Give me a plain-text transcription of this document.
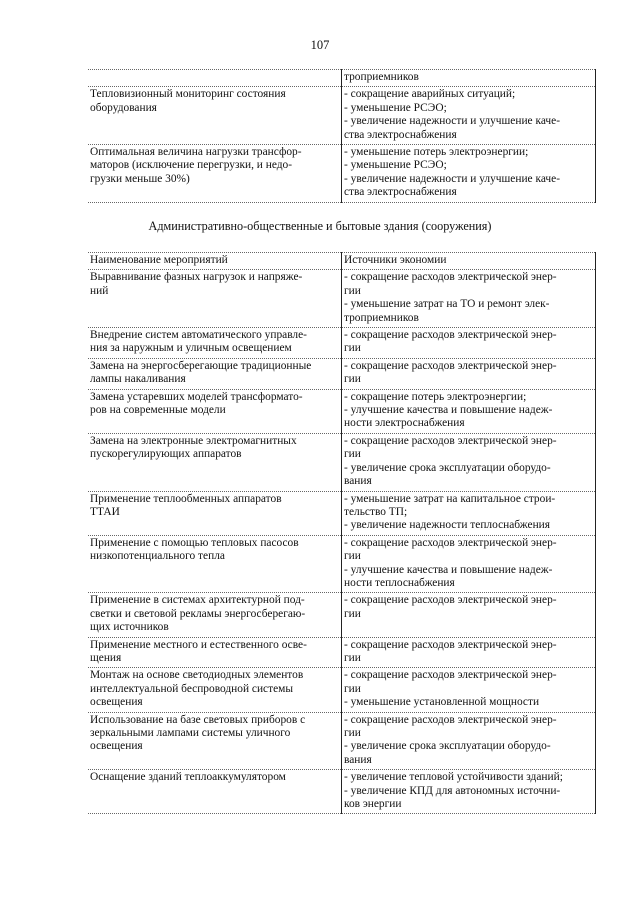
107

	троприемников

Тепловизионный мониторинг состояния
оборудования	- сокращение аварийных ситуаций;
- уменьшение РСЭО;
- увеличение надежности и улучшение каче-
ства электроснабжения

Оптимальная величина нагрузки трансфор-
маторов (исключение перегрузки, и недо-
грузки меньше 30%)	- уменьшение потерь электроэнергии;
- уменьшение РСЭО;
- увеличение надежности и улучшение каче-
ства электроснабжения
Административно-общественные и бытовые здания (сооружения)
Наименование мероприятий	Источники экономии

Выравнивание фазных нагрузок и напряже-
ний	- сокращение расходов электрической энер-
гии
- уменьшение затрат на ТО и ремонт элек-
троприемников

Внедрение систем автоматического управле-
ния за наружным и уличным освещением	- сокращение расходов электрической энер-
гии

Замена на энергосберегающие традиционные
лампы накаливания	- сокращение расходов электрической энер-
гии

Замена устаревших моделей трансформато-
ров на современные модели	- сокращение потерь электроэнергии;
- улучшение качества и повышение надеж-
ности электроснабжения

Замена на электронные электромагнитных
пускорегулирующих аппаратов	- сокращение расходов электрической энер-
гии
- увеличение срока эксплуатации оборудо-
вания

Применение теплообменных аппаратов
ТТАИ	- уменьшение затрат на капитальное строи-
тельство ТП;
- увеличение надежности теплоснабжения

Применение с помощью тепловых пасосов
низкопотенциального тепла	- сокращение расходов электрической энер-
гии
- улучшение качества и повышение надеж-
ности теплоснабжения

Применение в системах архитектурной под-
светки и световой рекламы энергосберегаю-
щих источников	- сокращение расходов электрической энер-
гии

Применение местного и естественного осве-
щения	- сокращение расходов электрической энер-
гии

Монтаж на основе светодиодных элементов
интеллектуальной беспроводной системы
освещения	- сокращение расходов электрической энер-
гии
- уменьшение установленной мощности

Использование на базе световых приборов с
зеркальными лампами системы уличного
освещения	- сокращение расходов электрической энер-
гии
- увеличение срока эксплуатации оборудо-
вания

Оснащение зданий теплоаккумулятором	- увеличение тепловой устойчивости зданий;
- увеличение КПД для автономных источни-
ков энергии
